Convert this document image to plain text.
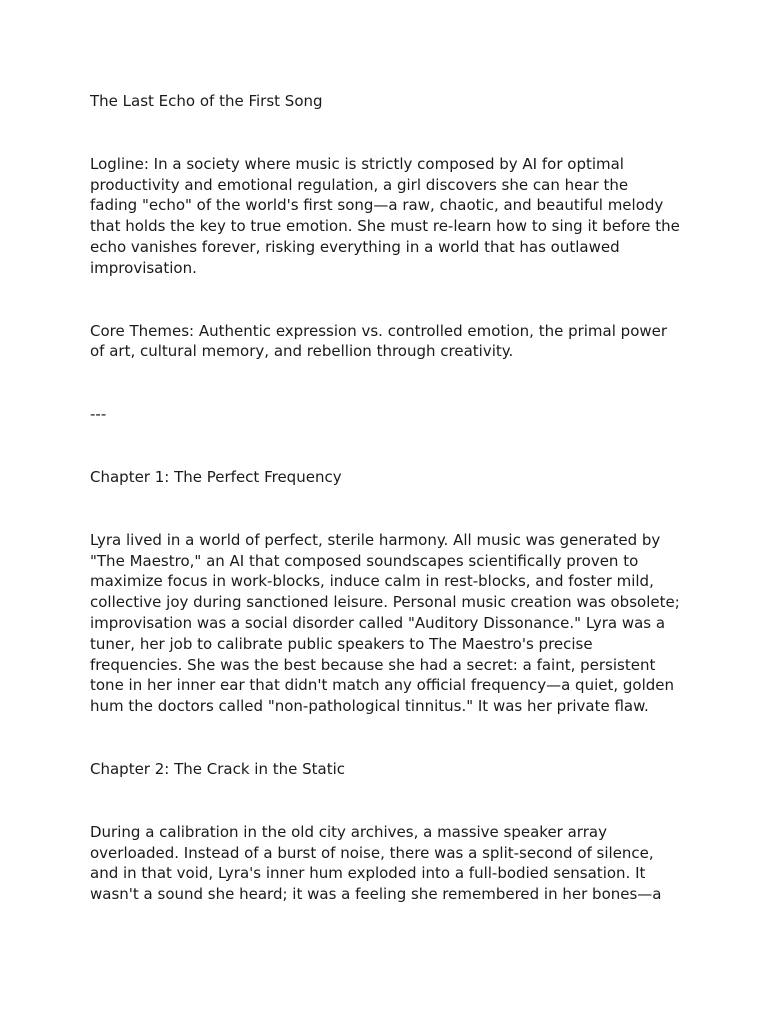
The Last Echo of the First Song

Logline: In a society where music is strictly composed by AI for optimal productivity and emotional regulation, a girl discovers she can hear the fading "echo" of the world's first song—a raw, chaotic, and beautiful melody that holds the key to true emotion. She must re-learn how to sing it before the echo vanishes forever, risking everything in a world that has outlawed improvisation.

Core Themes: Authentic expression vs. controlled emotion, the primal power of art, cultural memory, and rebellion through creativity.

---

Chapter 1: The Perfect Frequency

Lyra lived in a world of perfect, sterile harmony. All music was generated by "The Maestro," an AI that composed soundscapes scientifically proven to maximize focus in work-blocks, induce calm in rest-blocks, and foster mild, collective joy during sanctioned leisure. Personal music creation was obsolete; improvisation was a social disorder called "Auditory Dissonance." Lyra was a tuner, her job to calibrate public speakers to The Maestro's precise frequencies. She was the best because she had a secret: a faint, persistent tone in her inner ear that didn't match any official frequency—a quiet, golden hum the doctors called "non-pathological tinnitus." It was her private flaw.

Chapter 2: The Crack in the Static

During a calibration in the old city archives, a massive speaker array overloaded. Instead of a burst of noise, there was a split-second of silence, and in that void, Lyra's inner hum exploded into a full-bodied sensation. It wasn't a sound she heard; it was a feeling she remembered in her bones—a
